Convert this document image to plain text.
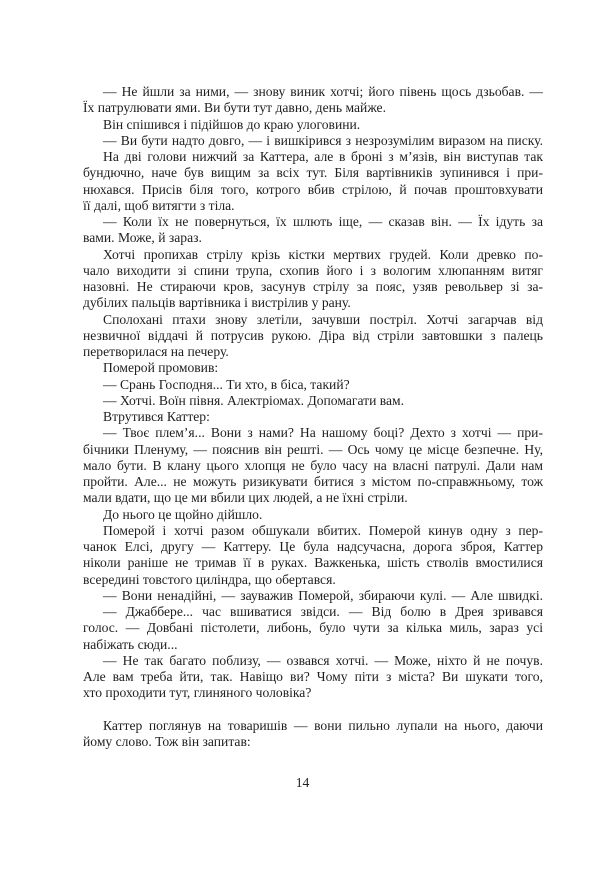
— Не йшли за ними, — знову виник хотчі; його півень щось дзьобав. —
Їх патрулювати ями. Ви бути тут давно, день майже.
Він спішився і підійшов до краю улоговини.
— Ви бути надто довго, — і вишкірився з незрозумілим виразом на писку.
На дві голови нижчий за Каттера, але в броні з м’язів, він виступав так
бундючно, наче був вищим за всіх тут. Біля вартівників зупинився і при-
нюхався. Присів біля того, котрого вбив стрілою, й почав проштовхувати
її далі, щоб витягти з тіла.
— Коли їх не повернуться, їх шлють іще, — сказав він. — Їх ідуть за
вами. Може, й зараз.
Хотчі пропихав стрілу крізь кістки мертвих грудей. Коли древко по-
чало виходити зі спини трупа, схопив його і з вологим хлюпанням витяг
назовні. Не стираючи кров, засунув стрілу за пояс, узяв револьвер зі за-
дубілих пальців вартівника і вистрілив у рану.
Сполохані птахи знову злетіли, зачувши постріл. Хотчі загарчав від
незвичної віддачі й потрусив рукою. Діра від стріли завтовшки з палець
перетворилася на печеру.
Померой промовив:
— Срань Господня... Ти хто, в біса, такий?
— Хотчі. Воїн півня. Алектріомах. Допомагати вам.
Втрутився Каттер:
— Твоє плем’я... Вони з нами? На нашому боці? Дехто з хотчі — при-
бічники Пленуму, — пояснив він решті. — Ось чому це місце безпечне. Ну,
мало бути. В клану цього хлопця не було часу на власні патрулі. Дали нам
пройти. Але... не можуть ризикувати битися з містом по-справжньому, тож
мали вдати, що це ми вбили цих людей, а не їхні стріли.
До нього це щойно дійшло.
Померой і хотчі разом обшукали вбитих. Померой кинув одну з пер-
чанок Елсі, другу — Каттеру. Це була надсучасна, дорога зброя, Каттер
ніколи раніше не тримав її в руках. Важкенька, шість стволів вмостилися
всередині товстого циліндра, що обертався.
— Вони ненадійні, — зауважив Померой, збираючи кулі. — Але швидкі.
— Джаббере... час вшиватися звідси. — Від болю в Дрея зривався
голос. — Довбані пістолети, либонь, було чути за кілька миль, зараз усі
набіжать сюди...
— Не так багато поблизу, — озвався хотчі. — Може, ніхто й не почув.
Але вам треба йти, так. Навіщо ви? Чому піти з міста? Ви шукати того,
хто проходити тут, глиняного чоловіка?
Каттер поглянув на товаришів — вони пильно лупали на нього, даючи
йому слово. Тож він запитав:
14
